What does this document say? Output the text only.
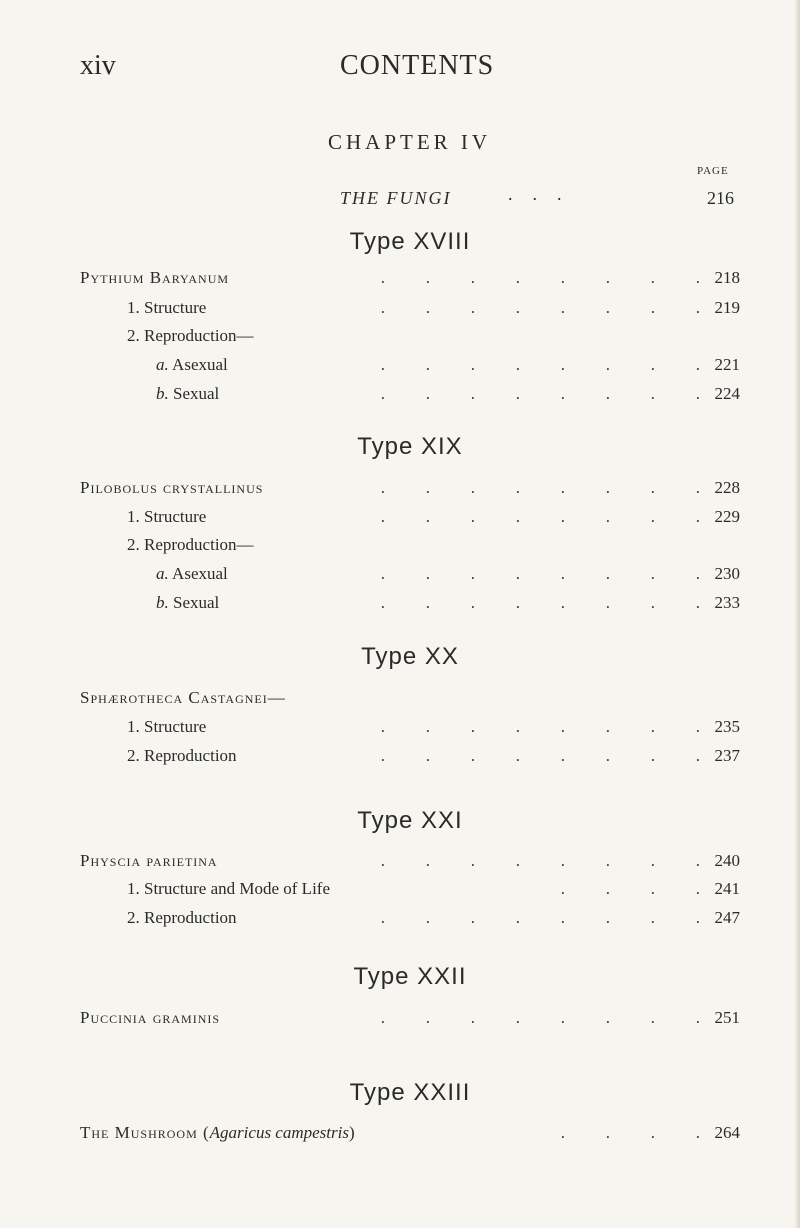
xiv	CONTENTS
CHAPTER IV
PAGE
THE FUNGI	...	216
Type XVIII
Pythium Baryanum	. . . . . . . . 218
1. Structure	. . . . . . . . 219
2. Reproduction—
a. Asexual	. . . . . . . . 221
b. Sexual	. . . . . . . . 224
Type XIX
Pilobolus crystallinus	. . . . . . . . 228
1. Structure	. . . . . . . . 229
2. Reproduction—
a. Asexual	. . . . . . . . 230
b. Sexual	. . . . . . . . 233
Type XX
Sphærotheca Castagnei—
1. Structure	. . . . . . . . 235
2. Reproduction	. . . . . . . . 237
Type XXI
Physcia parietina	. . . . . . . . 240
1. Structure and Mode of Life	. . . . 241
2. Reproduction	. . . . . . . . 247
Type XXII
Puccinia graminis	. . . . . . . . 251
Type XXIII
The Mushroom (Agaricus campestris)	. . . . 264
